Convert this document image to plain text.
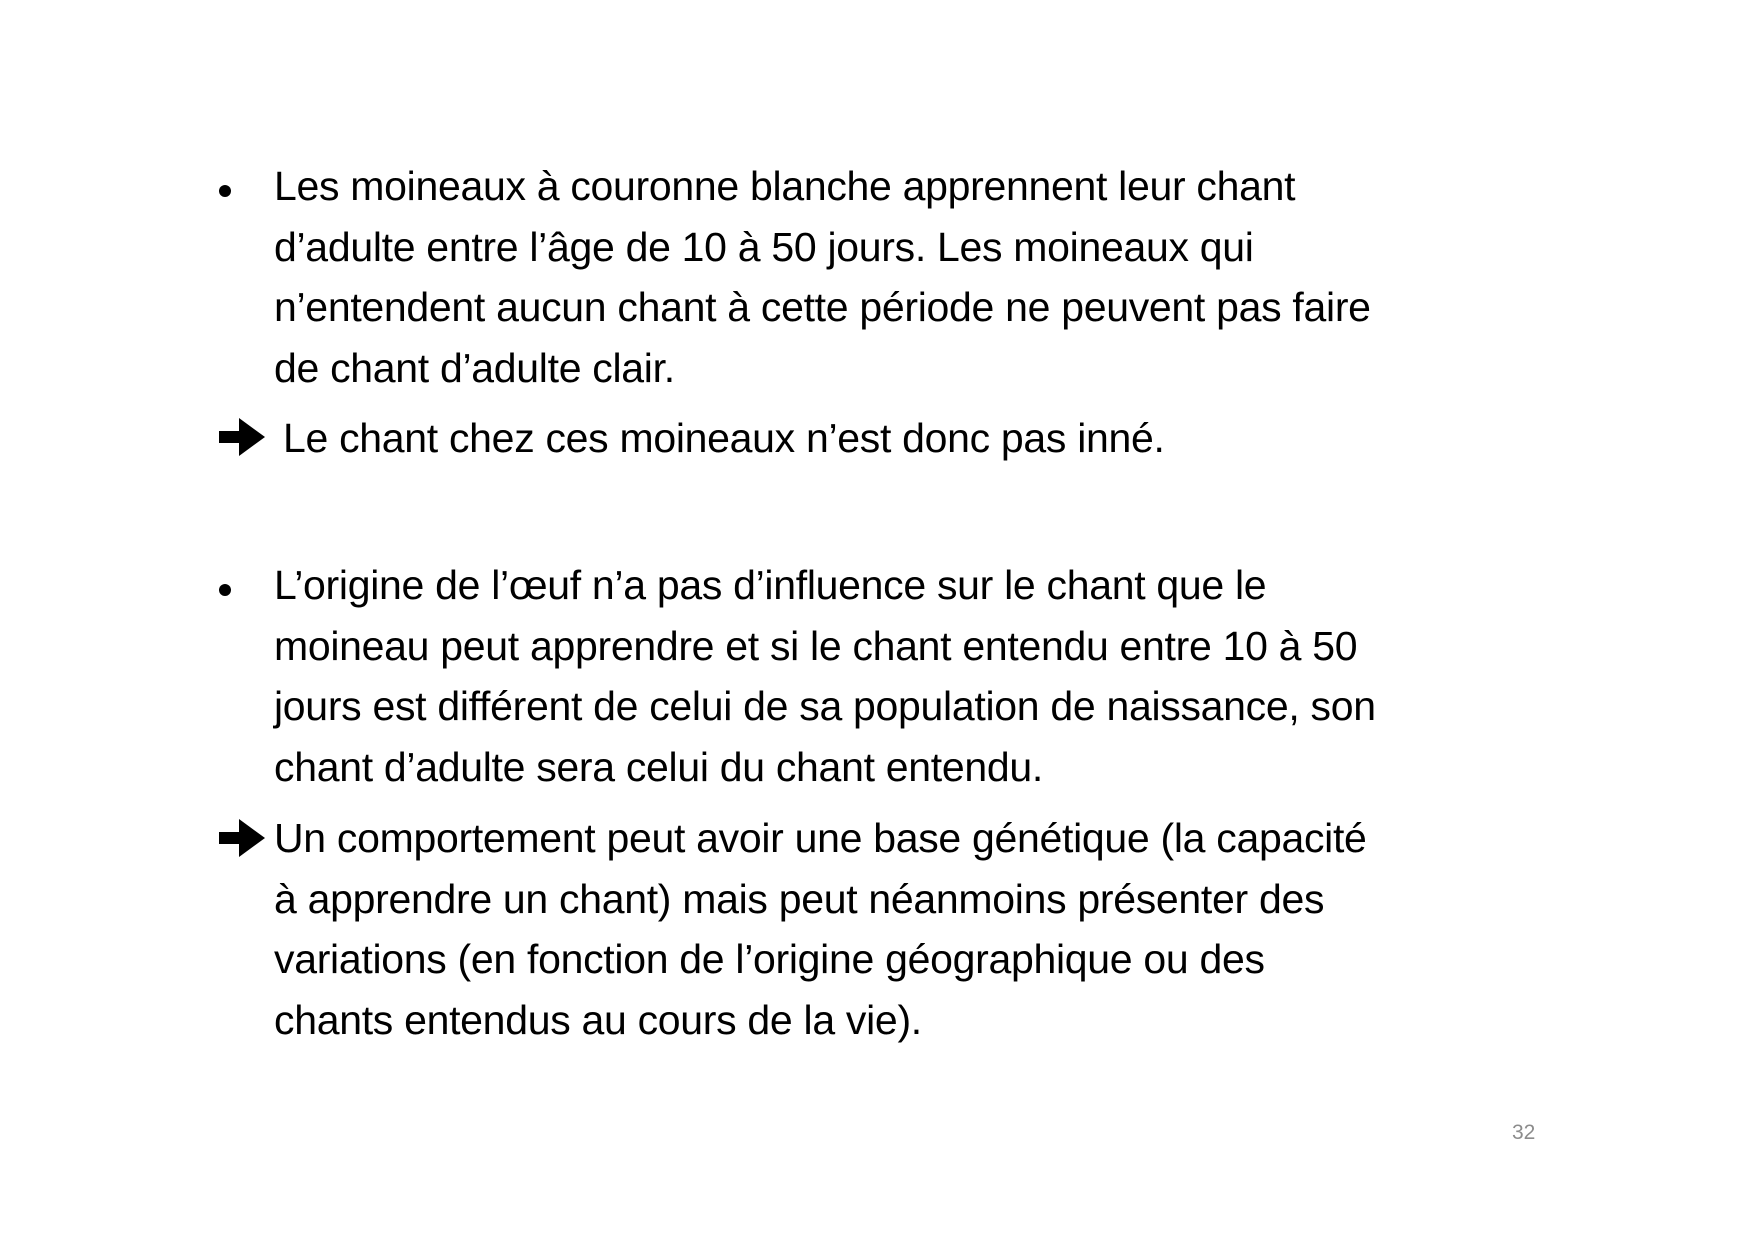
Les moineaux à couronne blanche apprennent leur chant
d’adulte entre l’âge de 10 à 50 jours. Les moineaux qui
n’entendent aucun chant à cette période ne peuvent pas faire
de chant d’adulte clair.
Le chant chez ces moineaux n’est donc pas inné.
L’origine de l’œuf n’a pas d’influence sur le chant que le
moineau peut apprendre et si le chant entendu entre 10 à 50
jours est différent de celui de sa population de naissance, son
chant d’adulte sera celui du chant entendu.
Un comportement peut avoir une base génétique (la capacité
à apprendre un chant) mais peut néanmoins présenter des
variations (en fonction de l’origine géographique ou des
chants entendus au cours de la vie).
32
